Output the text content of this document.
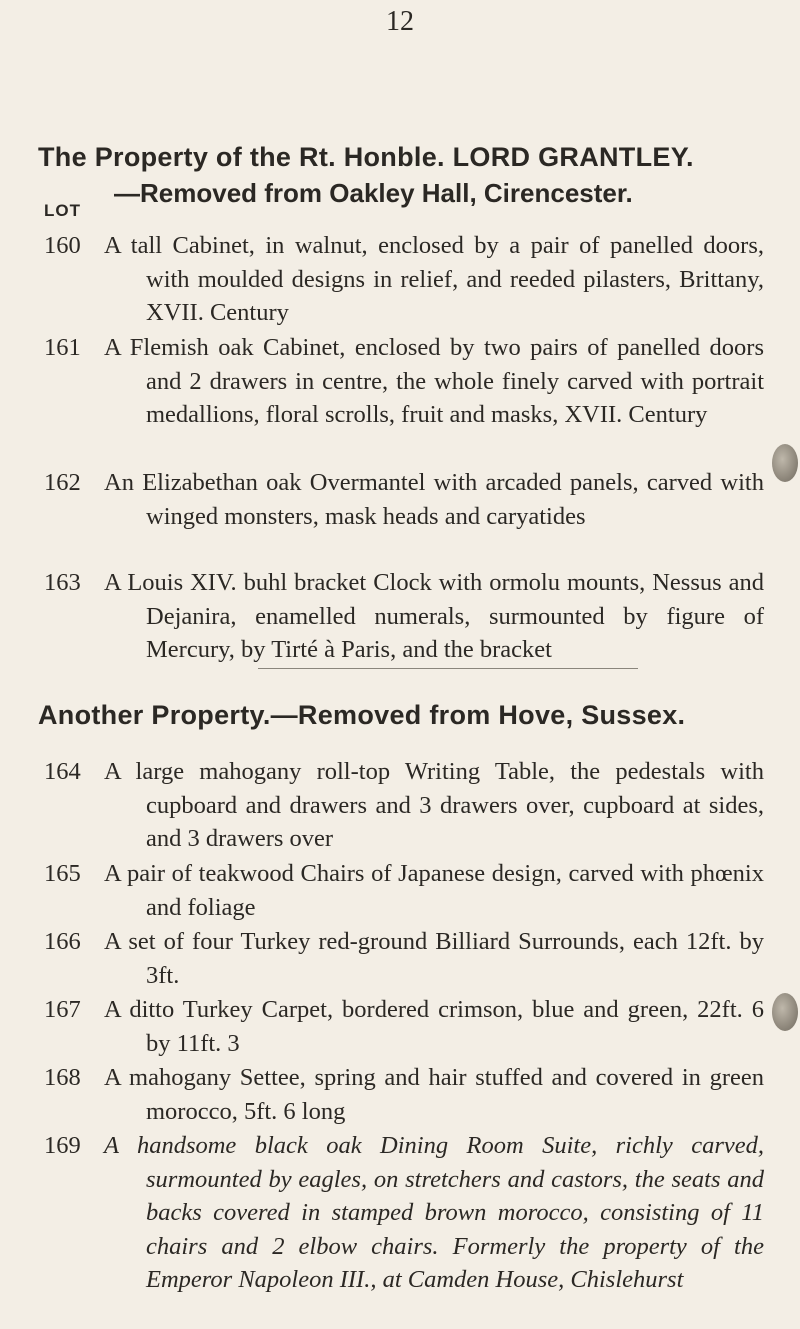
12
The Property of the Rt. Honble. LORD GRANTLEY.
—Removed from Oakley Hall, Cirencester.
LOT
160 A tall Cabinet, in walnut, enclosed by a pair of panelled doors, with moulded designs in relief, and reeded pilasters, Brittany, XVII. Century
161 A Flemish oak Cabinet, enclosed by two pairs of panelled doors and 2 drawers in centre, the whole finely carved with portrait medallions, floral scrolls, fruit and masks, XVII. Century
162 An Elizabethan oak Overmantel with arcaded panels, carved with winged monsters, mask heads and caryatides
163 A Louis XIV. buhl bracket Clock with ormolu mounts, Nessus and Dejanira, enamelled numerals, surmounted by figure of Mercury, by Tirté à Paris, and the bracket
Another Property.—Removed from Hove, Sussex.
164 A large mahogany roll-top Writing Table, the pedestals with cupboard and drawers and 3 drawers over, cupboard at sides, and 3 drawers over
165 A pair of teakwood Chairs of Japanese design, carved with phœnix and foliage
166 A set of four Turkey red-ground Billiard Surrounds, each 12ft. by 3ft.
167 A ditto Turkey Carpet, bordered crimson, blue and green, 22ft. 6 by 11ft. 3
168 A mahogany Settee, spring and hair stuffed and covered in green morocco, 5ft. 6 long
169 A handsome black oak Dining Room Suite, richly carved, surmounted by eagles, on stretchers and castors, the seats and backs covered in stamped brown morocco, consisting of 11 chairs and 2 elbow chairs. Formerly the property of the Emperor Napoleon III., at Camden House, Chislehurst
